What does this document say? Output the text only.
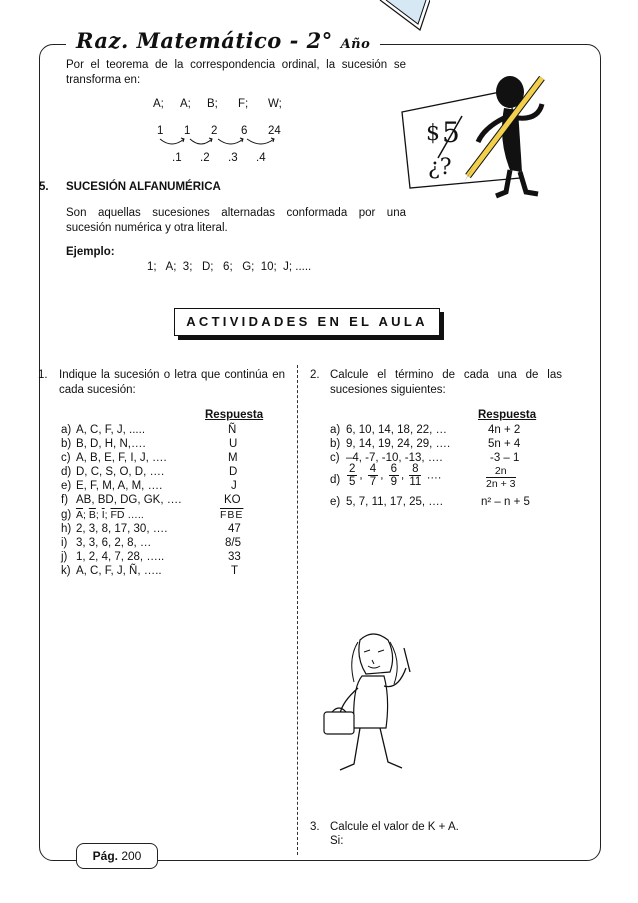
Raz. Matemático - 2° Año
Por el teorema de la correspondencia ordinal, la sucesión se
transforma en:
A; A; B; F; W;
1 1 2 6 24
.1 .2 .3 .4
$ 5
¿?
5. SUCESIÓN ALFANUMÉRICA
Son aquellas sucesiones alternadas conformada por una
sucesión numérica y otra literal.
Ejemplo:
1;   A;  3;   D;   6;   G;  10;  J; .....
ACTIVIDADES EN EL AULA
1. Indique la sucesión o letra que continúa en
cada sucesión:
Respuesta
a) A, C, F, J, .....	Ñ
b) B, D, H, N,….	U
c) A, B, E, F, I, J, ….	M
d) D, C, S, O, D, ….	D
e) E, F, M, A, M, ….	J
f) AB, BD, DG, GK, ….	KO
g) $\overline{A}$; $\overline{B}$; $\overline{I}$; $\overline{FD}$ …..	$\overline{FBE}$
h) 2, 3, 8, 17, 30, ….	47
i) 3, 3, 6, 2, 8, …	8/5
j) 1, 2, 4, 7, 28, …..	33
k) A, C, F, J, Ñ, …..	T
2. Calcule el término de cada una de las
sucesiones siguientes:
Respuesta
a) 6, 10, 14, 18, 22, …	4n + 2
b) 9, 14, 19, 24, 29, ….	5n + 4
c) –4, -7, -10, -13, ….	-3 – 1
$d) \frac{2}{5}$ , $\frac{4}{7}$ , $\frac{6}{9}$ , $\frac{8}{11}$ ….	$\frac{2n}{2n + 3}$
e) 5, 7, 11, 17, 25, ….	n² – n + 5
3. Calcule el valor de K + A.
Si:
Pág. 200
